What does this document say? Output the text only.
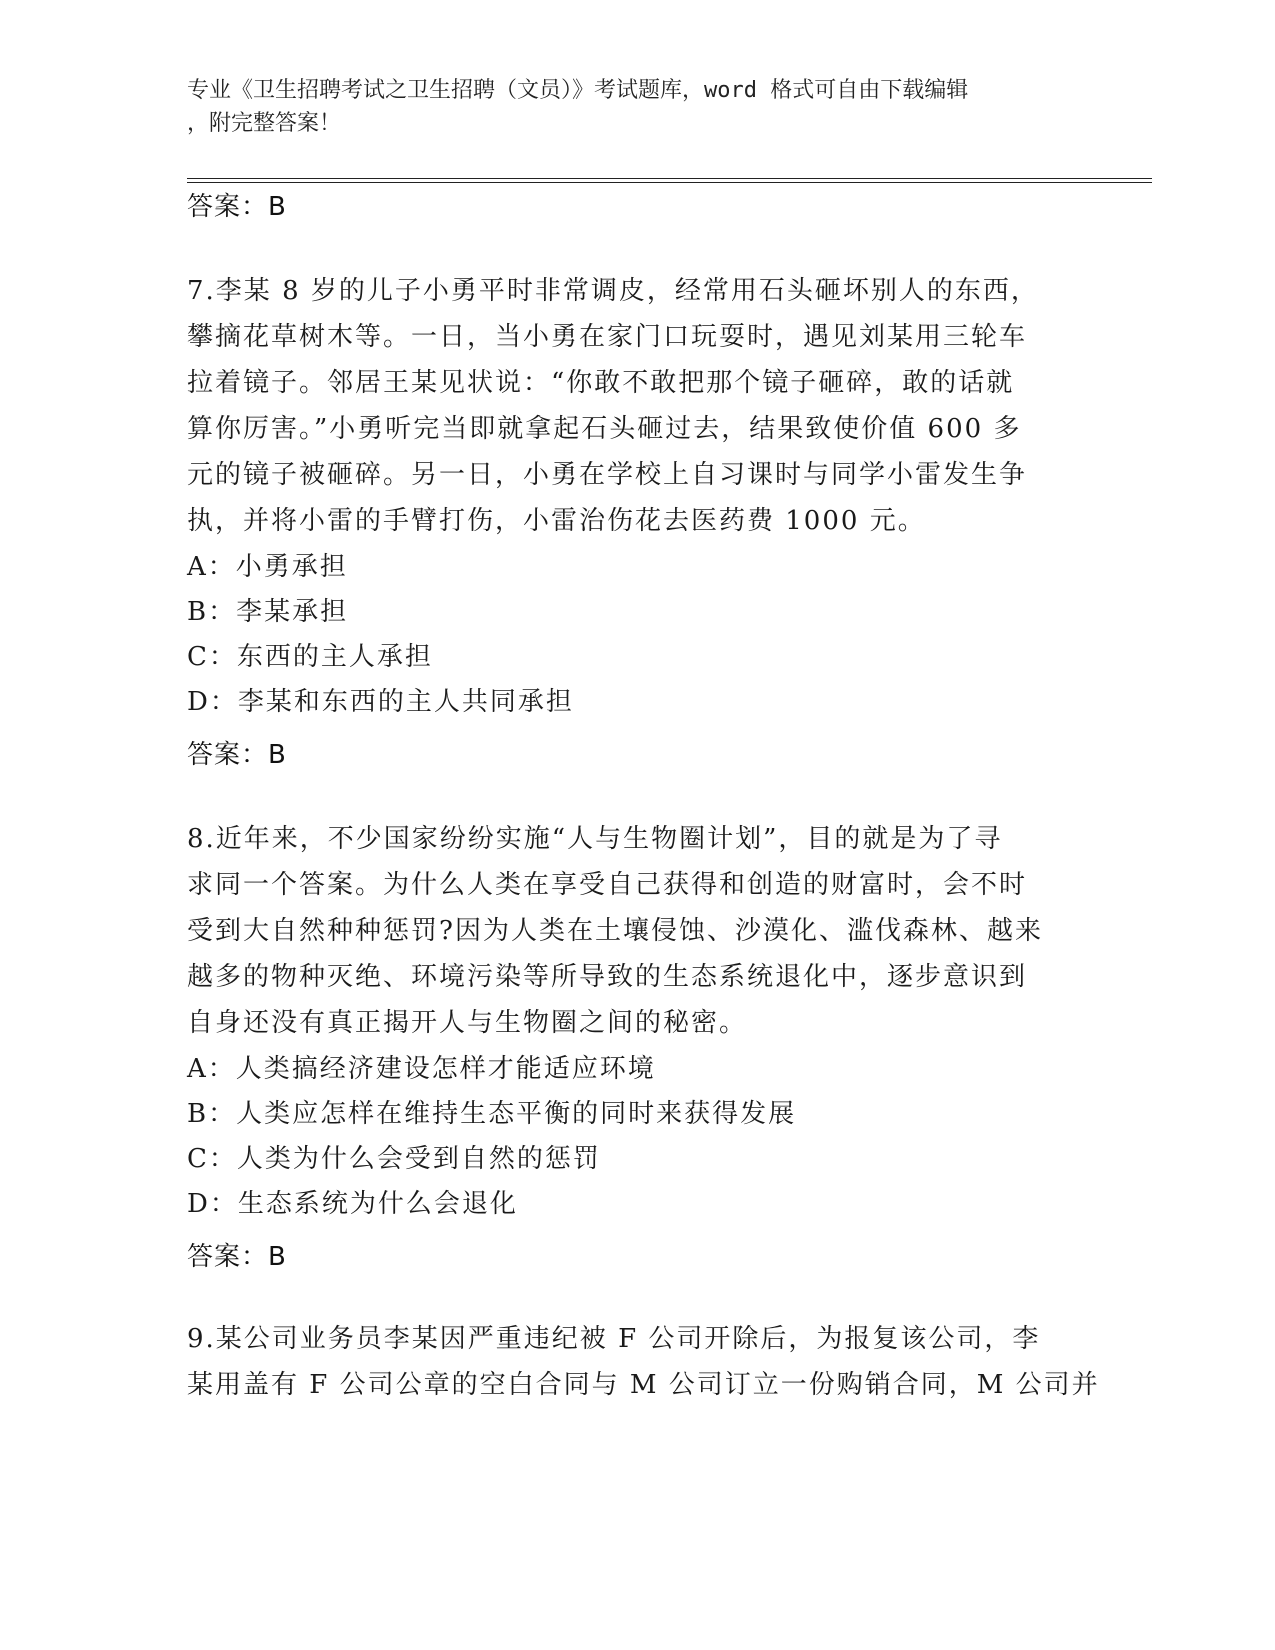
专业《卫生招聘考试之卫生招聘（文员）》考试题库，word 格式可自由下载编辑
，附完整答案！
答案：B
7.李某 8 岁的儿子小勇平时非常调皮，经常用石头砸坏别人的东西，
攀摘花草树木等。一日，当小勇在家门口玩耍时，遇见刘某用三轮车
拉着镜子。邻居王某见状说：“你敢不敢把那个镜子砸碎，敢的话就
算你厉害。”小勇听完当即就拿起石头砸过去，结果致使价值 600 多
元的镜子被砸碎。另一日，小勇在学校上自习课时与同学小雷发生争
执，并将小雷的手臂打伤，小雷治伤花去医药费 1000 元。
A：小勇承担
B：李某承担
C：东西的主人承担
D：李某和东西的主人共同承担
答案：B
8.近年来，不少国家纷纷实施“人与生物圈计划”，目的就是为了寻
求同一个答案。为什么人类在享受自己获得和创造的财富时，会不时
受到大自然种种惩罚?因为人类在土壤侵蚀、沙漠化、滥伐森林、越来
越多的物种灭绝、环境污染等所导致的生态系统退化中，逐步意识到
自身还没有真正揭开人与生物圈之间的秘密。
A：人类搞经济建设怎样才能适应环境
B：人类应怎样在维持生态平衡的同时来获得发展
C：人类为什么会受到自然的惩罚
D：生态系统为什么会退化
答案：B
9.某公司业务员李某因严重违纪被 F 公司开除后，为报复该公司，李
某用盖有 F 公司公章的空白合同与 M 公司订立一份购销合同，M 公司并
